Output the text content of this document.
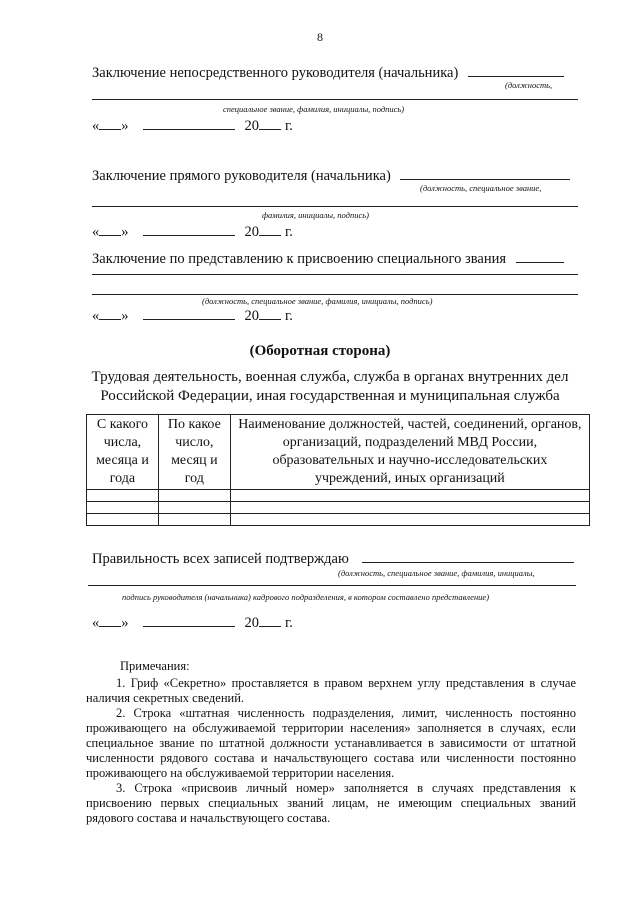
8
Заключение непосредственного руководителя (начальника)
(должность,
специальное звание, фамилия, инициалы, подпись)
« »	20 г.
Заключение прямого руководителя (начальника)
(должность, специальное звание,
фамилия, инициалы, подпись)
« »	20 г.
Заключение по представлению к присвоению специального звания
(должность, специальное звание, фамилия, инициалы, подпись)
« »	20 г.
(Оборотная сторона)
Трудовая деятельность, военная служба, служба в органах внутренних дел Российской Федерации, иная государственная и муниципальная служба
С какого числа, месяца и года	По какое число, месяц и год	Наименование должностей, частей, соединений, органов, организаций, подразделений МВД России, образовательных и научно-исследовательских учреждений, иных организаций

Правильность всех записей подтверждаю
(должность, специальное звание, фамилия, инициалы,
подпись руководителя (начальника) кадрового подразделения, в котором составлено представление)
« »	20 г.

Примечания:

1. Гриф «Секретно» проставляется в правом верхнем углу представления в случае наличия секретных сведений.

2. Строка «штатная численность подразделения, лимит, численность постоянно проживающего на обслуживаемой территории населения» заполняется в случаях, если специальное звание по штатной должности устанавливается в зависимости от штатной численности рядового состава и начальствующего состава или численности постоянно проживающего на обслуживаемой территории населения.

3. Строка «присвоив личный номер» заполняется в случаях представления к присвоению первых специальных званий лицам, не имеющим специальных званий рядового состава и начальствующего состава.
